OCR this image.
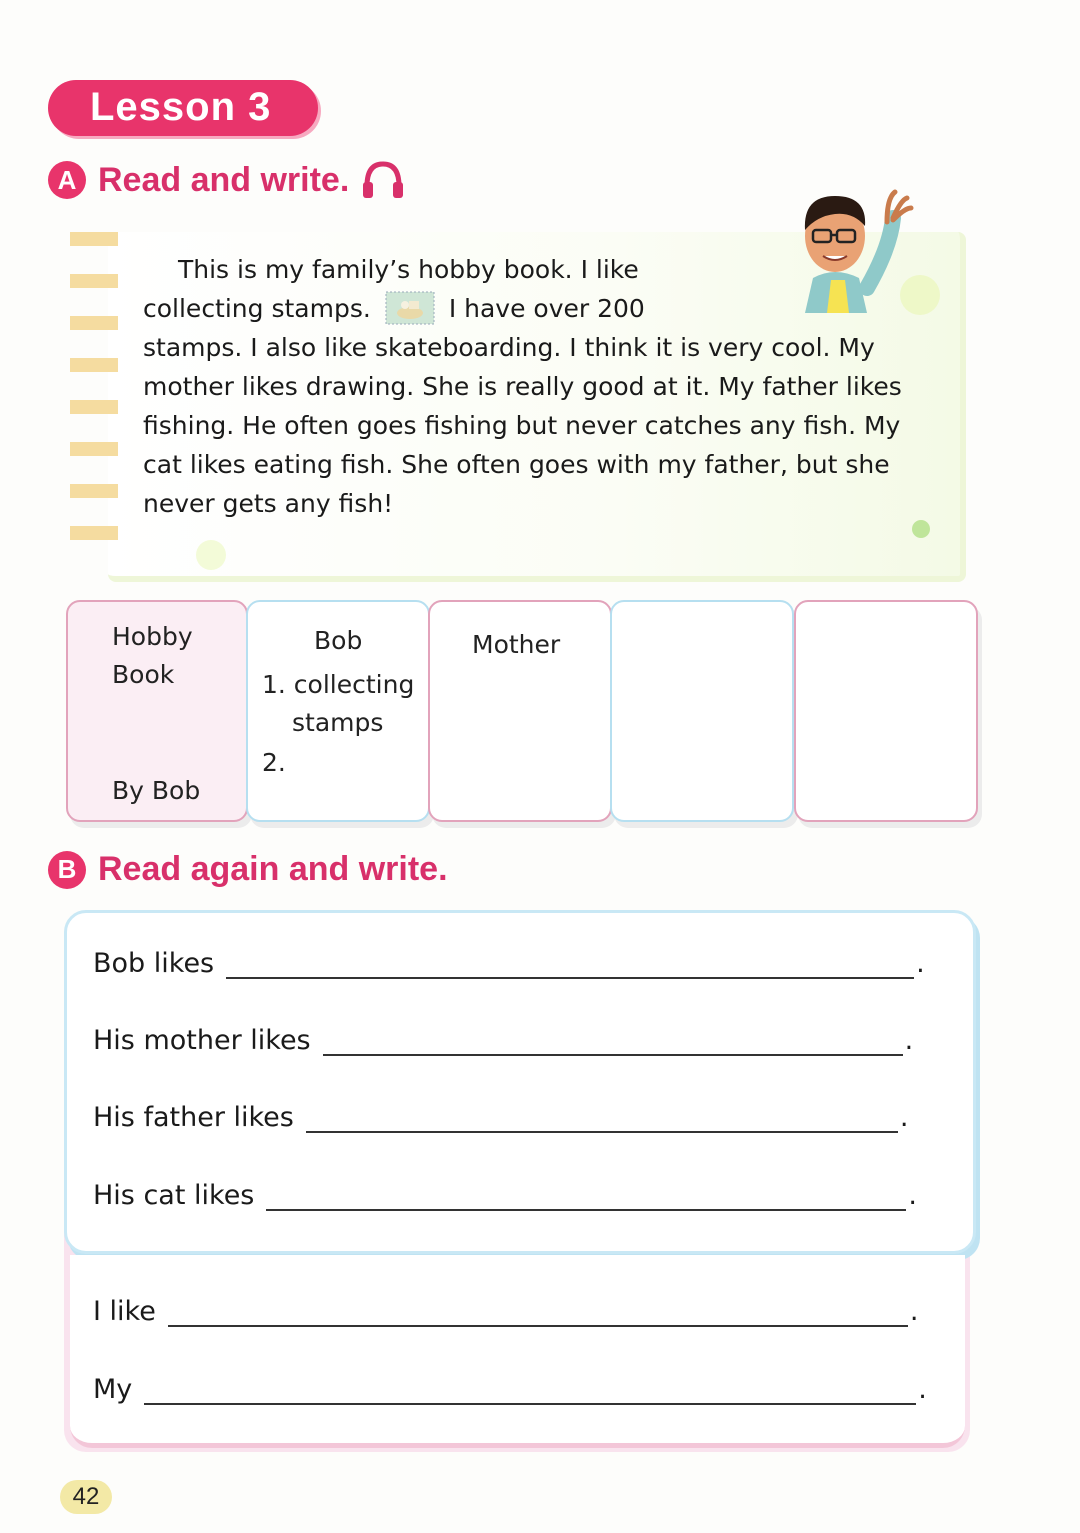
Lesson 3
A Read and write.
This is my family’s hobby book. I like
collecting stamps.	I have over 200
stamps. I also like skateboarding. I think it is very cool. My
mother likes drawing. She is really good at it. My father likes
fishing. He often goes fishing but never catches any fish. My
cat likes eating fish. She often goes with my father, but she
never gets any fish!
Hobby
Book
By Bob
Bob
1. collecting
stamps
2.
Mother
B Read again and write.
Bob likes	.
His mother likes	.
His father likes	.
His cat likes	.
I like	.
My	.
42
